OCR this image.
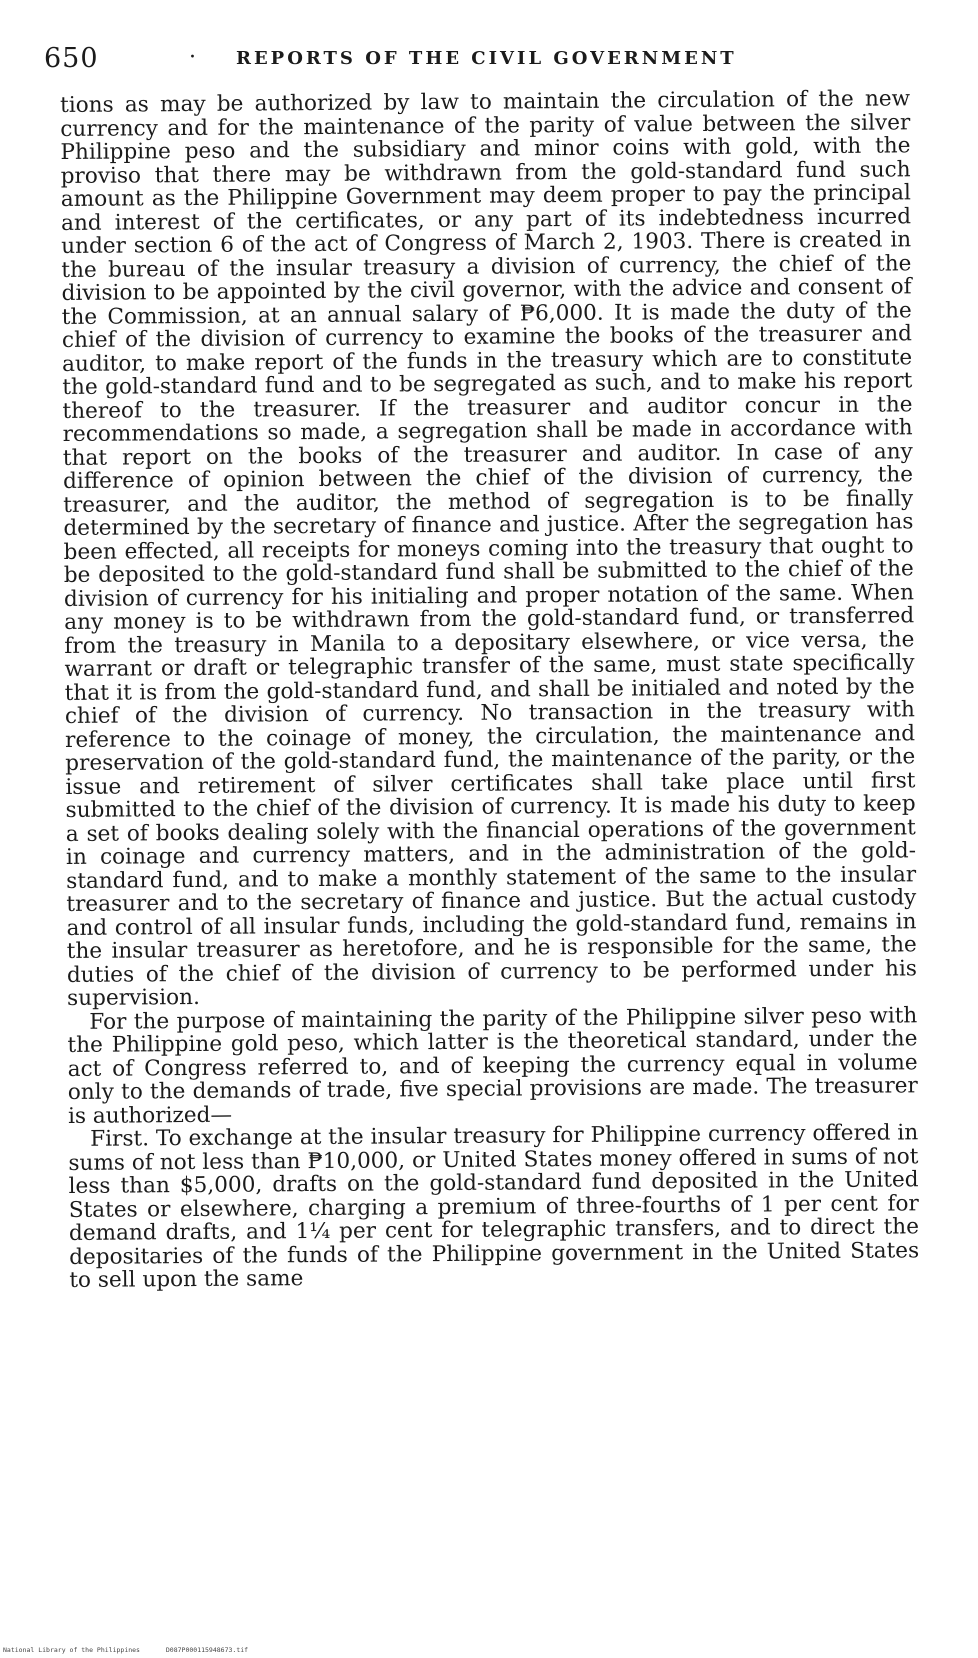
650	· REPORTS OF THE CIVIL GOVERNMENT

tions as may be authorized by law to maintain the circulation of the new currency and for the maintenance of the parity of value between the silver Philippine peso and the subsidiary and minor coins with gold, with the proviso that there may be withdrawn from the gold-standard fund such amount as the Philippine Government may deem proper to pay the principal and interest of the certificates, or any part of its indebtedness incurred under section 6 of the act of Congress of March 2, 1903. There is created in the bureau of the insular treasury a division of currency, the chief of the division to be appointed by the civil governor, with the advice and consent of the Commission, at an annual salary of ₱6,000. It is made the duty of the chief of the division of currency to examine the books of the treasurer and auditor, to make report of the funds in the treasury which are to constitute the gold-standard fund and to be segregated as such, and to make his report thereof to the treasurer. If the treasurer and auditor concur in the recommendations so made, a segregation shall be made in accordance with that report on the books of the treasurer and auditor. In case of any difference of opinion between the chief of the division of currency, the treasurer, and the auditor, the method of segregation is to be finally determined by the secretary of finance and justice. After the segregation has been effected, all receipts for moneys coming into the treasury that ought to be deposited to the gold-standard fund shall be submitted to the chief of the division of currency for his initialing and proper notation of the same. When any money is to be withdrawn from the gold-standard fund, or transferred from the treasury in Manila to a depositary elsewhere, or vice versa, the warrant or draft or telegraphic transfer of the same, must state specifically that it is from the gold-standard fund, and shall be initialed and noted by the chief of the division of currency. No transaction in the treasury with reference to the coinage of money, the circulation, the maintenance and preservation of the gold-standard fund, the maintenance of the parity, or the issue and retirement of silver certificates shall take place until first submitted to the chief of the division of currency. It is made his duty to keep a set of books dealing solely with the financial operations of the government in coinage and currency matters, and in the administration of the gold-standard fund, and to make a monthly statement of the same to the insular treasurer and to the secretary of finance and justice. But the actual custody and control of all insular funds, including the gold-standard fund, remains in the insular treasurer as heretofore, and he is responsible for the same, the duties of the chief of the division of currency to be performed under his supervision.

For the purpose of maintaining the parity of the Philippine silver peso with the Philippine gold peso, which latter is the theoretical standard, under the act of Congress referred to, and of keeping the currency equal in volume only to the demands of trade, five special provisions are made. The treasurer is authorized—

First. To exchange at the insular treasury for Philippine currency offered in sums of not less than ₱10,000, or United States money offered in sums of not less than $5,000, drafts on the gold-standard fund deposited in the United States or elsewhere, charging a premium of three-fourths of 1 per cent for demand drafts, and 1¼ per cent for telegraphic transfers, and to direct the depositaries of the funds of the Philippine government in the United States to sell upon the same

National Library of the Philippines	D087P000115948673.tif
